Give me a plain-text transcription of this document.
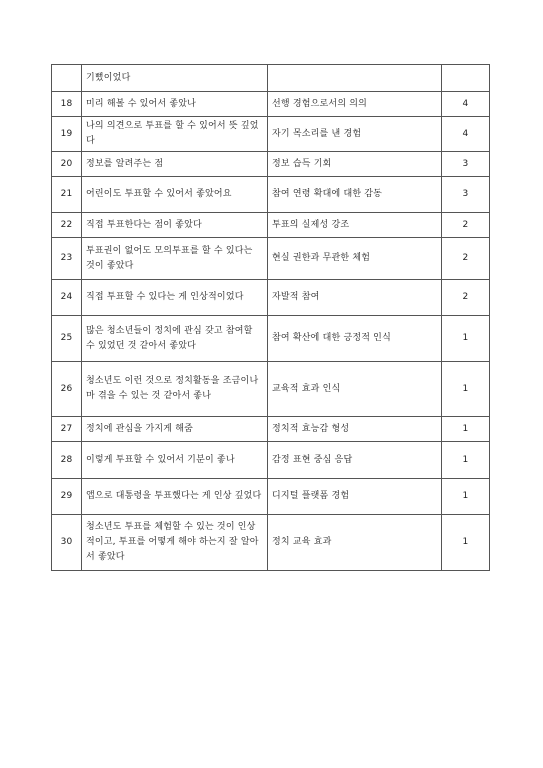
	기뻤이었다		
18	미리 해볼 수 있어서 좋았나	선행 경험으로서의 의의	4
19	나의 의견으로 투표를 할 수 있어서 뜻 깊었다	자기 목소리를 낸 경험	4
20	정보를 알려주는 점	정보 습득 기회	3
21	어린이도 투표할 수 있어서 좋았어요	참여 연령 확대에 대한 감동	3
22	직접 투표한다는 점이 좋았다	투표의 실제성 강조	2
23	투표권이 없어도 모의투표를 할 수 있다는 것이 좋았다	현실 권한과 무관한 체험	2
24	직접 투표할 수 있다는 게 인상적이었다	자발적 참여	2
25	많은 청소년들이 정치에 관심 갖고 참여할 수 있었던 것 같아서 좋았다	참여 확산에 대한 긍정적 인식	1
26	청소년도 이런 것으로 정치활동을 조금이나마 겪을 수 있는 것 같아서 좋나	교육적 효과 인식	1
27	정치에 관심을 가지게 해줌	정치적 효능감 형성	1
28	이렇게 투표할 수 있어서 기분이 좋나	감정 표현 중심 응답	1
29	앱으로 대통령을 투표했다는 게 인상 깊었다	디지털 플랫폼 경험	1
30	청소년도 투표를 체험할 수 있는 것이 인상적이고, 투표를 어떻게 해야 하는지 잘 알아서 좋았다	정치 교육 효과	1
